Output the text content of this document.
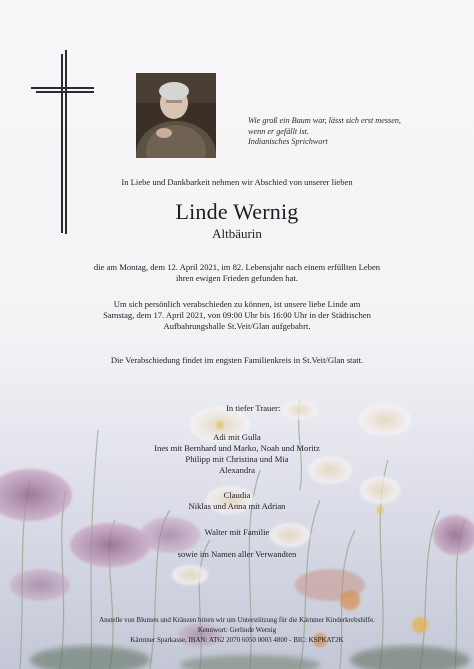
Wie groß ein Baum war, lässt sich erst messen,
wenn er gefällt ist.
Indianisches Sprichwort
In Liebe und Dankbarkeit nehmen wir Abschied von unserer lieben
Linde Wernig
Altbäurin
die am Montag, dem 12. April 2021, im 82. Lebensjahr nach einem erfüllten Leben
ihren ewigen Frieden gefunden hat.
Um sich persönlich verabschieden zu können, ist unsere liebe Linde am
Samstag, dem 17. April 2021, von 09:00 Uhr bis 16:00 Uhr in der Städtischen
Aufbahrungshalle St.Veit/Glan aufgebahrt.
Die Verabschiedung findet im engsten Familienkreis in St.Veit/Glan statt.
In tiefer Trauer:
Adi mit Gulla
Ines mit Bernhard und Marko, Noah und Moritz
Philipp mit Christina und Mia
Alexandra
Claudia
Niklas und Anna mit Adrian
Walter mit Familie
sowie im Namen aller Verwandten
Anstelle von Blumen und Kränzen bitten wir um Unterstützung für die Kärntner Kinderkrebshilfe.
Kennwort: Gerlinde Wernig
Kärntner Sparkasse, IBAN: AT62 2070 6050 0003 4800 - BIC: KSPKAT2K
